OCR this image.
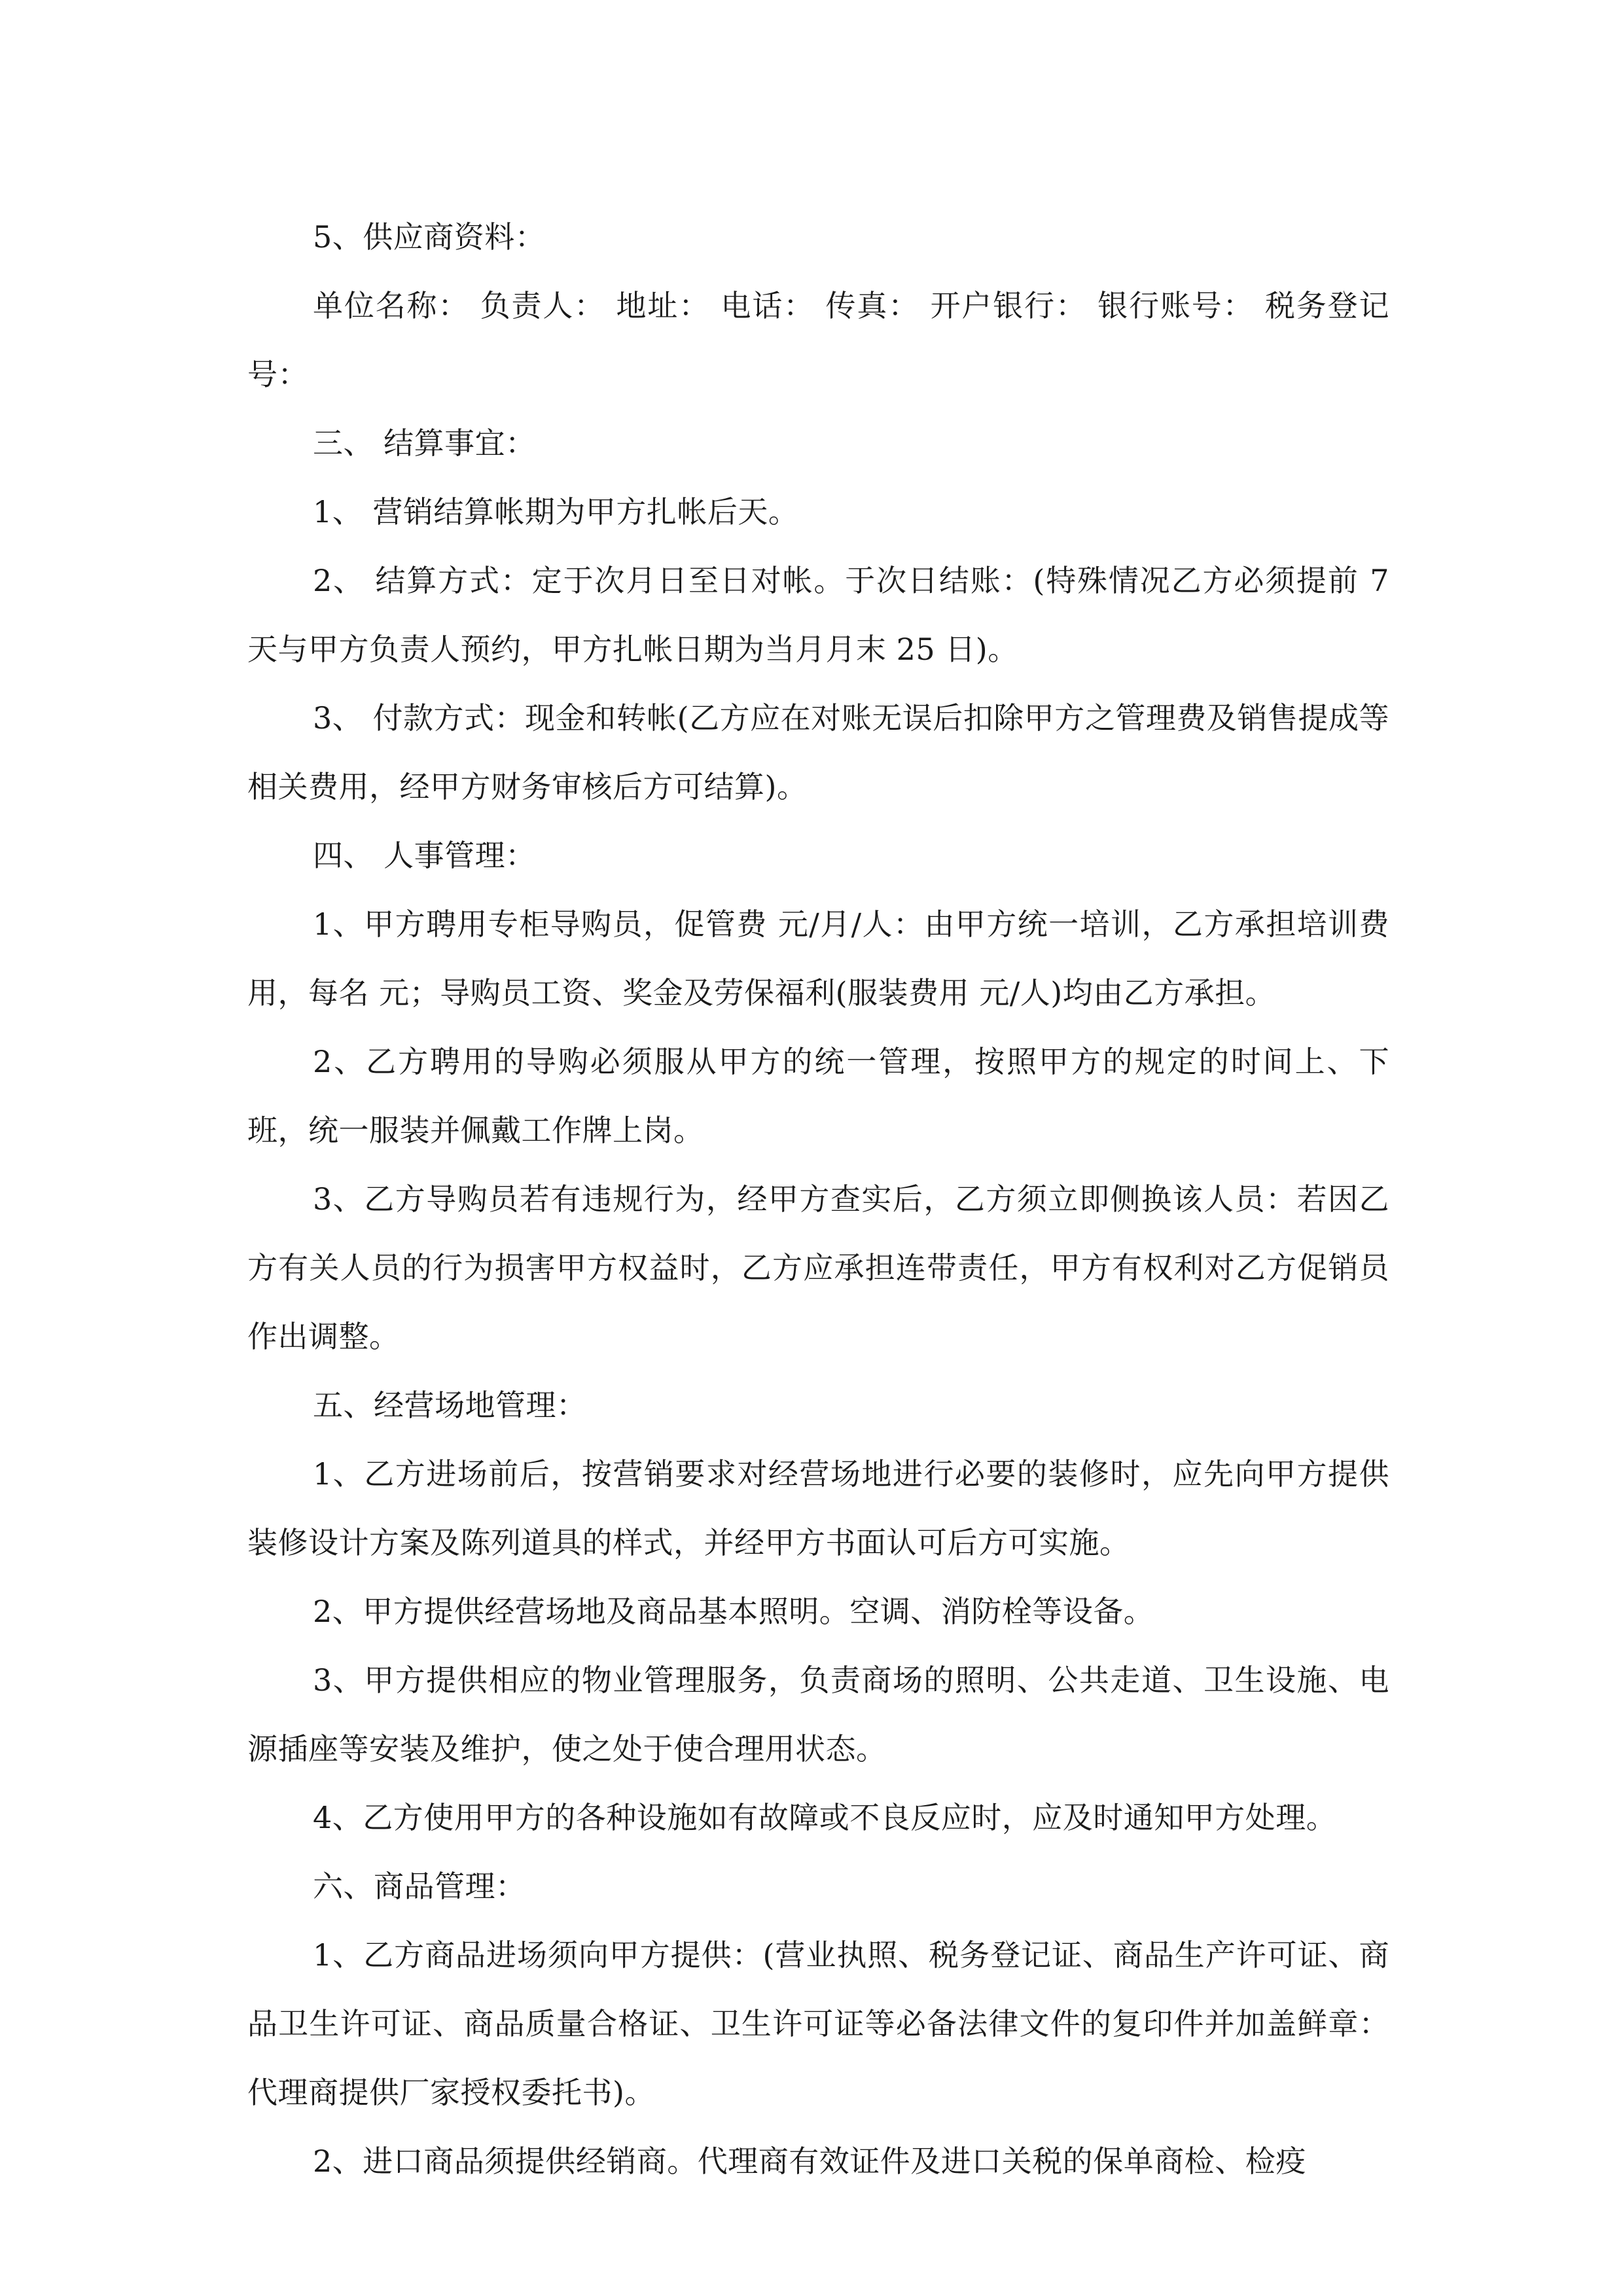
5、供应商资料：

单位名称： 负责人： 地址： 电话： 传真： 开户银行： 银行账号： 税务登记号：

三、 结算事宜：

1、 营销结算帐期为甲方扎帐后天。

2、 结算方式：定于次月日至日对帐。于次日结账：(特殊情况乙方必须提前 7 天与甲方负责人预约，甲方扎帐日期为当月月末 25 日)。

3、 付款方式：现金和转帐(乙方应在对账无误后扣除甲方之管理费及销售提成等相关费用，经甲方财务审核后方可结算)。

四、 人事管理：

1、甲方聘用专柜导购员，促管费 元/月/人：由甲方统一培训，乙方承担培训费用，每名 元；导购员工资、奖金及劳保福利(服装费用 元/人)均由乙方承担。

2、乙方聘用的导购必须服从甲方的统一管理，按照甲方的规定的时间上、下班，统一服装并佩戴工作牌上岗。

3、乙方导购员若有违规行为，经甲方查实后，乙方须立即侧换该人员：若因乙方有关人员的行为损害甲方权益时，乙方应承担连带责任，甲方有权利对乙方促销员作出调整。

五、经营场地管理：

1、乙方进场前后，按营销要求对经营场地进行必要的装修时，应先向甲方提供装修设计方案及陈列道具的样式，并经甲方书面认可后方可实施。

2、甲方提供经营场地及商品基本照明。空调、消防栓等设备。

3、甲方提供相应的物业管理服务，负责商场的照明、公共走道、卫生设施、电源插座等安装及维护，使之处于使合理用状态。

4、乙方使用甲方的各种设施如有故障或不良反应时，应及时通知甲方处理。

六、商品管理：

1、乙方商品进场须向甲方提供：(营业执照、税务登记证、商品生产许可证、商品卫生许可证、商品质量合格证、卫生许可证等必备法律文件的复印件并加盖鲜章：代理商提供厂家授权委托书)。

2、进口商品须提供经销商。代理商有效证件及进口关税的保单商检、检疫
